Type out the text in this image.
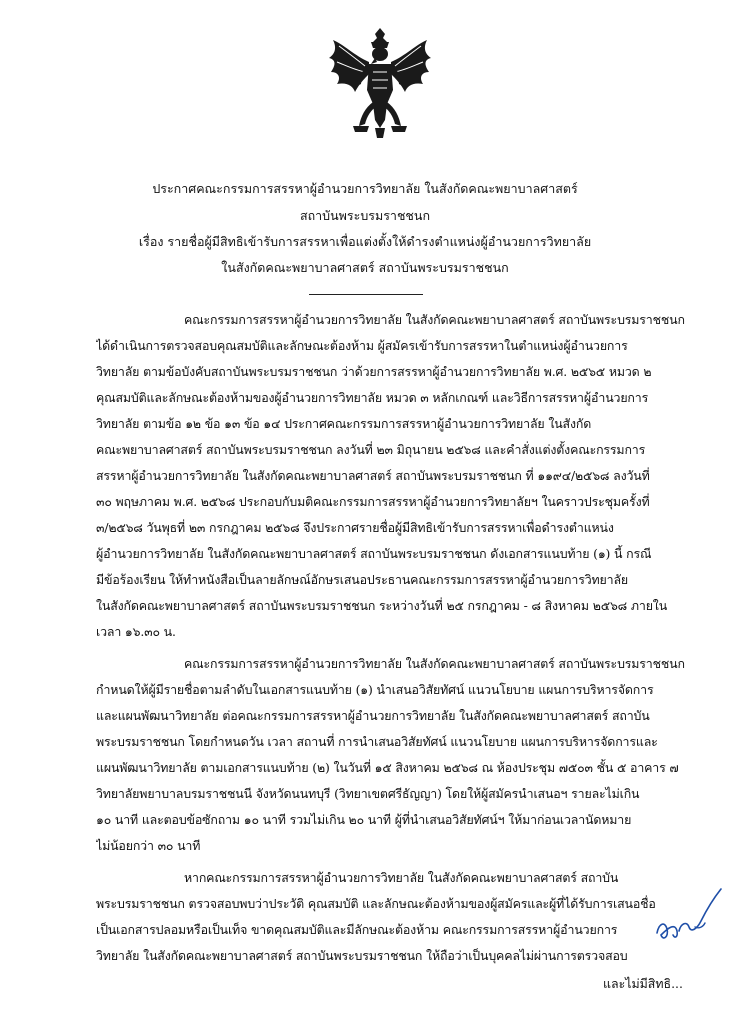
ประกาศคณะกรรมการสรรหาผู้อำนวยการวิทยาลัย ในสังกัดคณะพยาบาลศาสตร์
สถาบันพระบรมราชชนก
เรื่อง รายชื่อผู้มีสิทธิเข้ารับการสรรหาเพื่อแต่งตั้งให้ดำรงตำแหน่งผู้อำนวยการวิทยาลัย
ในสังกัดคณะพยาบาลศาสตร์ สถาบันพระบรมราชชนก
คณะกรรมการสรรหาผู้อำนวยการวิทยาลัย ในสังกัดคณะพยาบาลศาสตร์ สถาบันพระบรมราชชนก
ได้ดำเนินการตรวจสอบคุณสมบัติและลักษณะต้องห้าม ผู้สมัครเข้ารับการสรรหาในตำแหน่งผู้อำนวยการ
วิทยาลัย ตามข้อบังคับสถาบันพระบรมราชชนก ว่าด้วยการสรรหาผู้อำนวยการวิทยาลัย พ.ศ. ๒๕๖๕ หมวด ๒
คุณสมบัติและลักษณะต้องห้ามของผู้อำนวยการวิทยาลัย หมวด ๓ หลักเกณฑ์ และวิธีการสรรหาผู้อำนวยการ
วิทยาลัย ตามข้อ ๑๒ ข้อ ๑๓ ข้อ ๑๔ ประกาศคณะกรรมการสรรหาผู้อำนวยการวิทยาลัย ในสังกัด
คณะพยาบาลศาสตร์ สถาบันพระบรมราชชนก ลงวันที่ ๒๓ มิถุนายน ๒๕๖๘ และคำสั่งแต่งตั้งคณะกรรมการ
สรรหาผู้อำนวยการวิทยาลัย ในสังกัดคณะพยาบาลศาสตร์ สถาบันพระบรมราชชนก ที่ ๑๑๙๔/๒๕๖๘ ลงวันที่
๓๐ พฤษภาคม พ.ศ. ๒๕๖๘ ประกอบกับมติคณะกรรมการสรรหาผู้อำนวยการวิทยาลัยฯ ในคราวประชุมครั้งที่
๓/๒๕๖๘ วันพุธที่ ๒๓ กรกฎาคม ๒๕๖๘ จึงประกาศรายชื่อผู้มีสิทธิเข้ารับการสรรหาเพื่อดำรงตำแหน่ง
ผู้อำนวยการวิทยาลัย ในสังกัดคณะพยาบาลศาสตร์ สถาบันพระบรมราชชนก ดังเอกสารแนบท้าย (๑) นี้ กรณี
มีข้อร้องเรียน ให้ทำหนังสือเป็นลายลักษณ์อักษรเสนอประธานคณะกรรมการสรรหาผู้อำนวยการวิทยาลัย
ในสังกัดคณะพยาบาลศาสตร์ สถาบันพระบรมราชชนก ระหว่างวันที่ ๒๕ กรกฎาคม - ๘ สิงหาคม ๒๕๖๘ ภายใน
เวลา ๑๖.๓๐ น.
คณะกรรมการสรรหาผู้อำนวยการวิทยาลัย ในสังกัดคณะพยาบาลศาสตร์ สถาบันพระบรมราชชนก
กำหนดให้ผู้มีรายชื่อตามลำดับในเอกสารแนบท้าย (๑) นำเสนอวิสัยทัศน์ แนวนโยบาย แผนการบริหารจัดการ
และแผนพัฒนาวิทยาลัย ต่อคณะกรรมการสรรหาผู้อำนวยการวิทยาลัย ในสังกัดคณะพยาบาลศาสตร์ สถาบัน
พระบรมราชชนก โดยกำหนดวัน เวลา สถานที่ การนำเสนอวิสัยทัศน์ แนวนโยบาย แผนการบริหารจัดการและ
แผนพัฒนาวิทยาลัย ตามเอกสารแนบท้าย (๒) ในวันที่ ๑๕ สิงหาคม ๒๕๖๘ ณ ห้องประชุม ๗๕๐๓ ชั้น ๕ อาคาร ๗
วิทยาลัยพยาบาลบรมราชชนนี จังหวัดนนทบุรี (วิทยาเขตศรีธัญญา) โดยให้ผู้สมัครนำเสนอฯ รายละไม่เกิน
๑๐ นาที และตอบข้อซักถาม ๑๐ นาที รวมไม่เกิน ๒๐ นาที ผู้ที่นำเสนอวิสัยทัศน์ฯ ให้มาก่อนเวลานัดหมาย
ไม่น้อยกว่า ๓๐ นาที
หากคณะกรรมการสรรหาผู้อำนวยการวิทยาลัย ในสังกัดคณะพยาบาลศาสตร์ สถาบัน
พระบรมราชชนก ตรวจสอบพบว่าประวัติ คุณสมบัติ และลักษณะต้องห้ามของผู้สมัครและผู้ที่ได้รับการเสนอชื่อ
เป็นเอกสารปลอมหรือเป็นเท็จ ขาดคุณสมบัติและมีลักษณะต้องห้าม คณะกรรมการสรรหาผู้อำนวยการ
วิทยาลัย ในสังกัดคณะพยาบาลศาสตร์ สถาบันพระบรมราชชนก ให้ถือว่าเป็นบุคคลไม่ผ่านการตรวจสอบ
และไม่มีสิทธิ...
